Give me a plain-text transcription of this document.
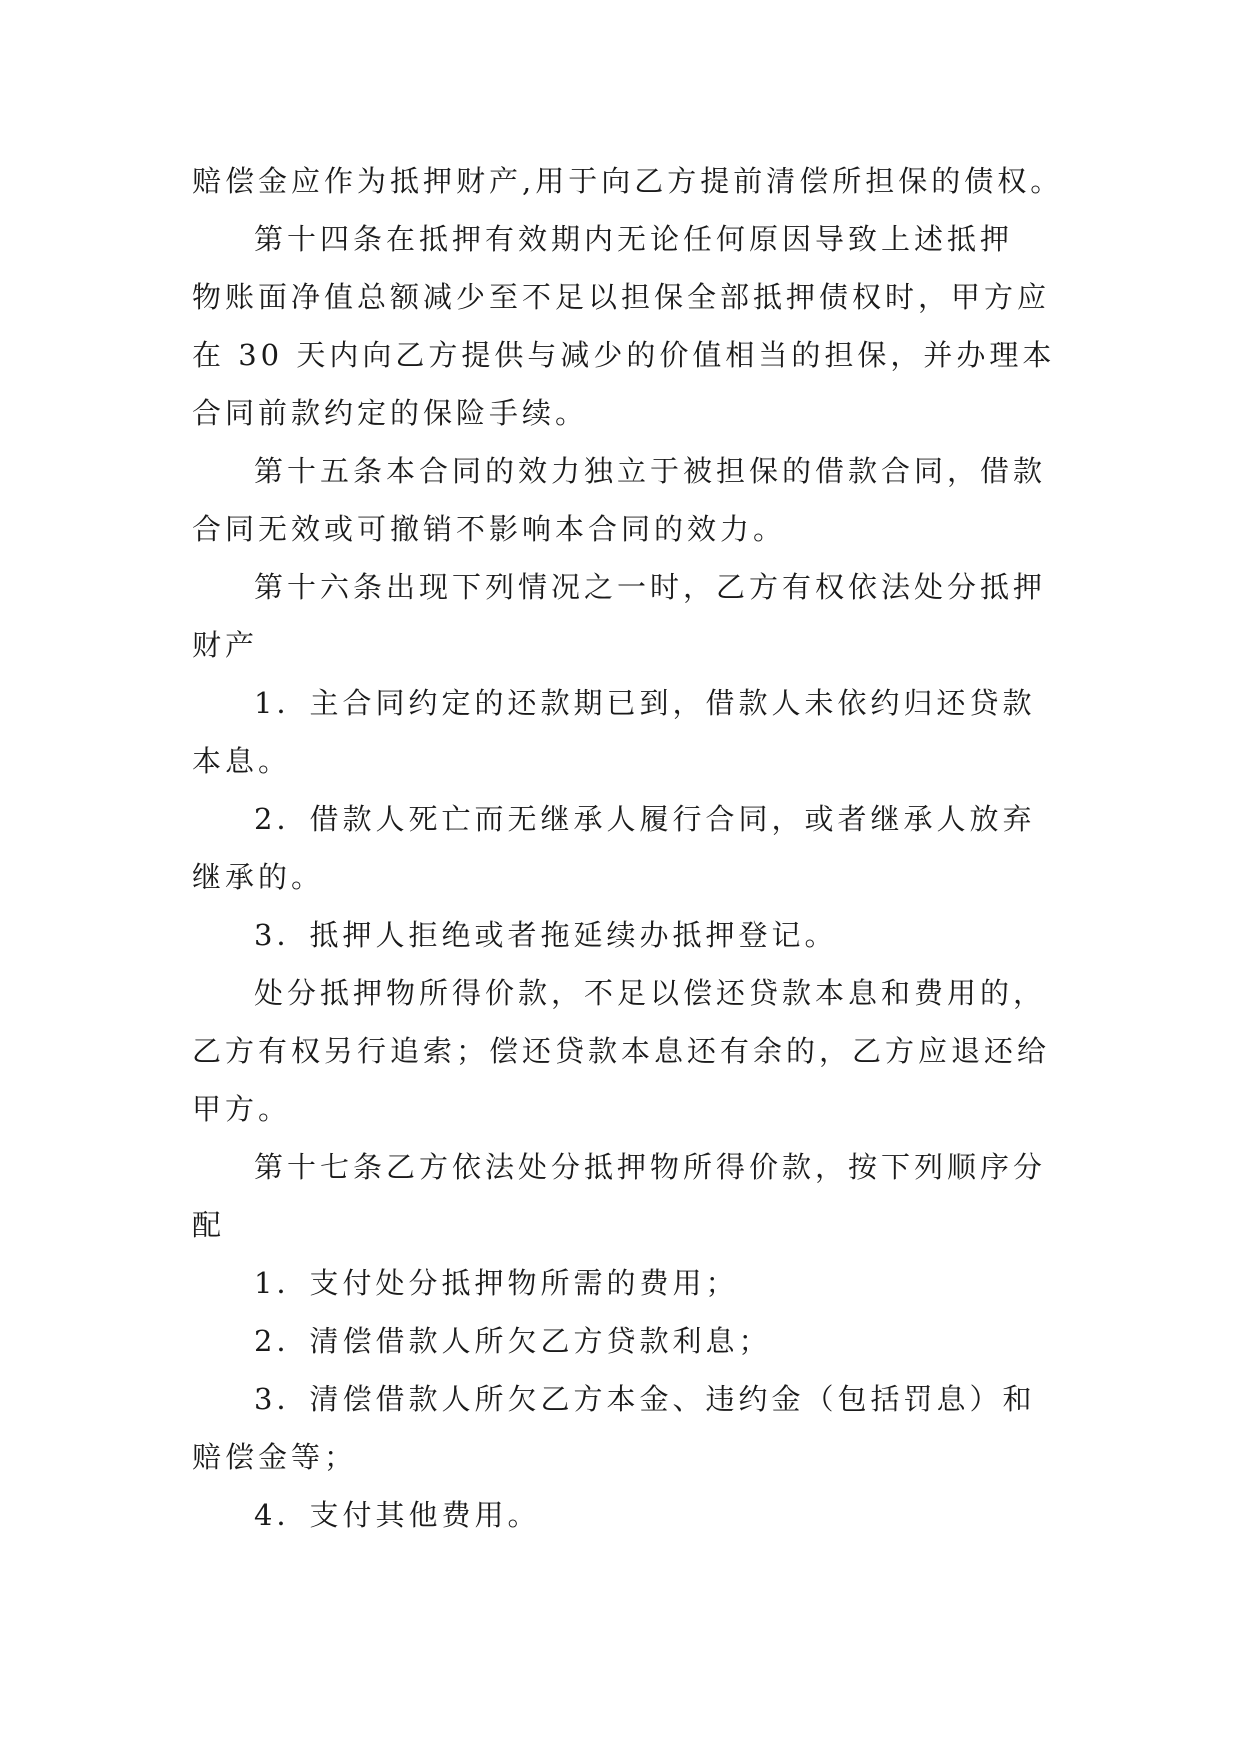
赔偿金应作为抵押财产,用于向乙方提前清偿所担保的债权。
第十四条在抵押有效期内无论任何原因导致上述抵押
物账面净值总额减少至不足以担保全部抵押债权时，甲方应
在 30 天内向乙方提供与减少的价值相当的担保，并办理本
合同前款约定的保险手续。
第十五条本合同的效力独立于被担保的借款合同，借款
合同无效或可撤销不影响本合同的效力。
第十六条出现下列情况之一时，乙方有权依法处分抵押
财产
1．主合同约定的还款期已到，借款人未依约归还贷款
本息。
2．借款人死亡而无继承人履行合同，或者继承人放弃
继承的。
3．抵押人拒绝或者拖延续办抵押登记。
处分抵押物所得价款，不足以偿还贷款本息和费用的，
乙方有权另行追索；偿还贷款本息还有余的，乙方应退还给
甲方。
第十七条乙方依法处分抵押物所得价款，按下列顺序分
配
1．支付处分抵押物所需的费用；
2．清偿借款人所欠乙方贷款利息；
3．清偿借款人所欠乙方本金、违约金（包括罚息）和
赔偿金等；
4．支付其他费用。
